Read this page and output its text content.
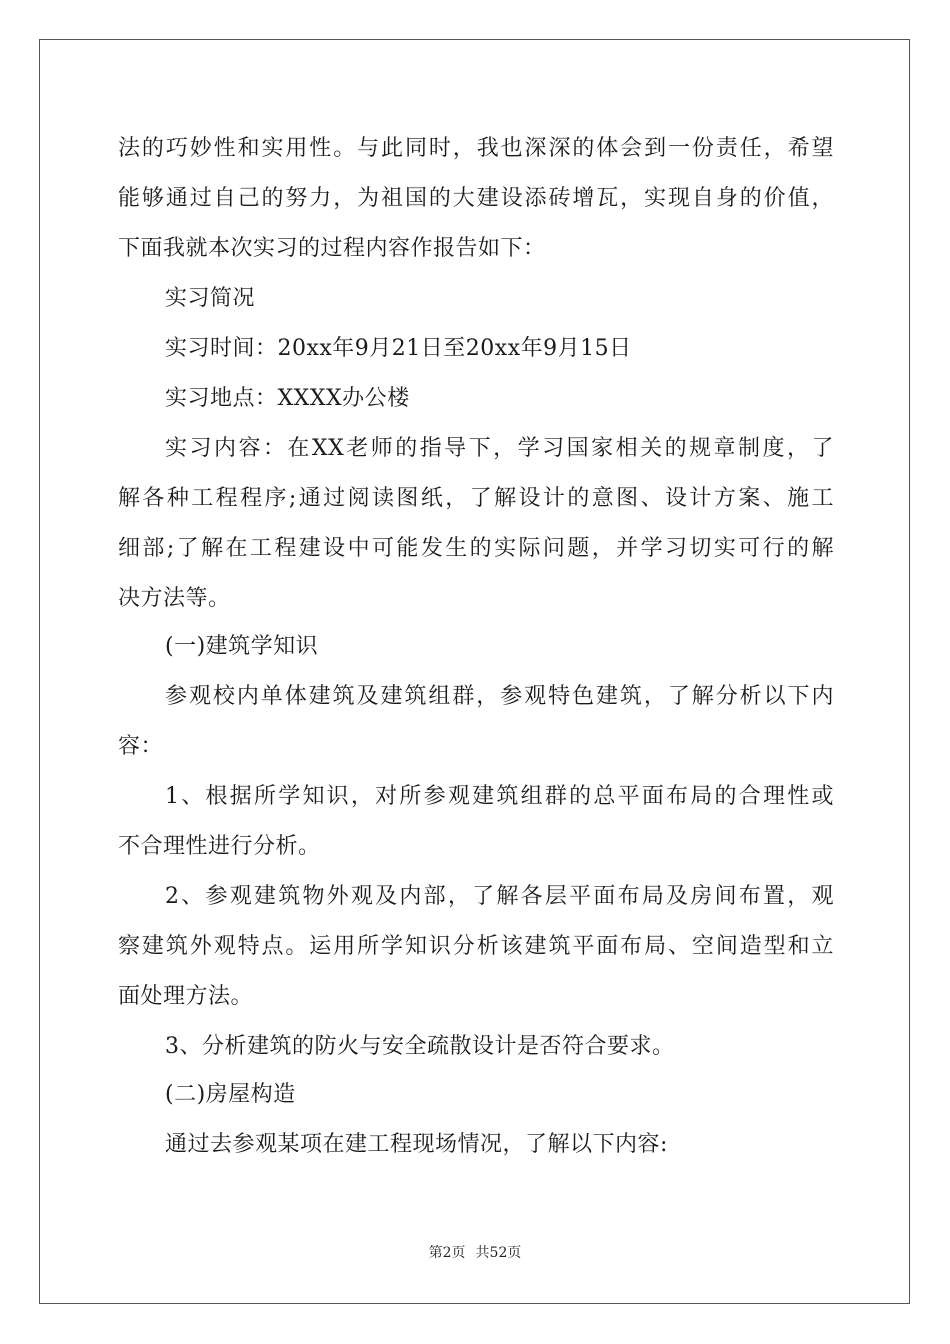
法的巧妙性和实用性。与此同时，我也深深的体会到一份责任，希望
能够通过自己的努力，为祖国的大建设添砖增瓦，实现自身的价值，
下面我就本次实习的过程内容作报告如下：
实习简况
实习时间：20xx年9月21日至20xx年9月15日
实习地点：XXXX办公楼
实习内容：在XX老师的指导下，学习国家相关的规章制度，了
解各种工程程序;通过阅读图纸，了解设计的意图、设计方案、施工
细部;了解在工程建设中可能发生的实际问题，并学习切实可行的解
决方法等。
(一)建筑学知识
参观校内单体建筑及建筑组群，参观特色建筑，了解分析以下内
容：
1、根据所学知识，对所参观建筑组群的总平面布局的合理性或
不合理性进行分析。
2、参观建筑物外观及内部，了解各层平面布局及房间布置，观
察建筑外观特点。运用所学知识分析该建筑平面布局、空间造型和立
面处理方法。
3、分析建筑的防火与安全疏散设计是否符合要求。
(二)房屋构造
通过去参观某项在建工程现场情况，了解以下内容:
第2页 共52页
